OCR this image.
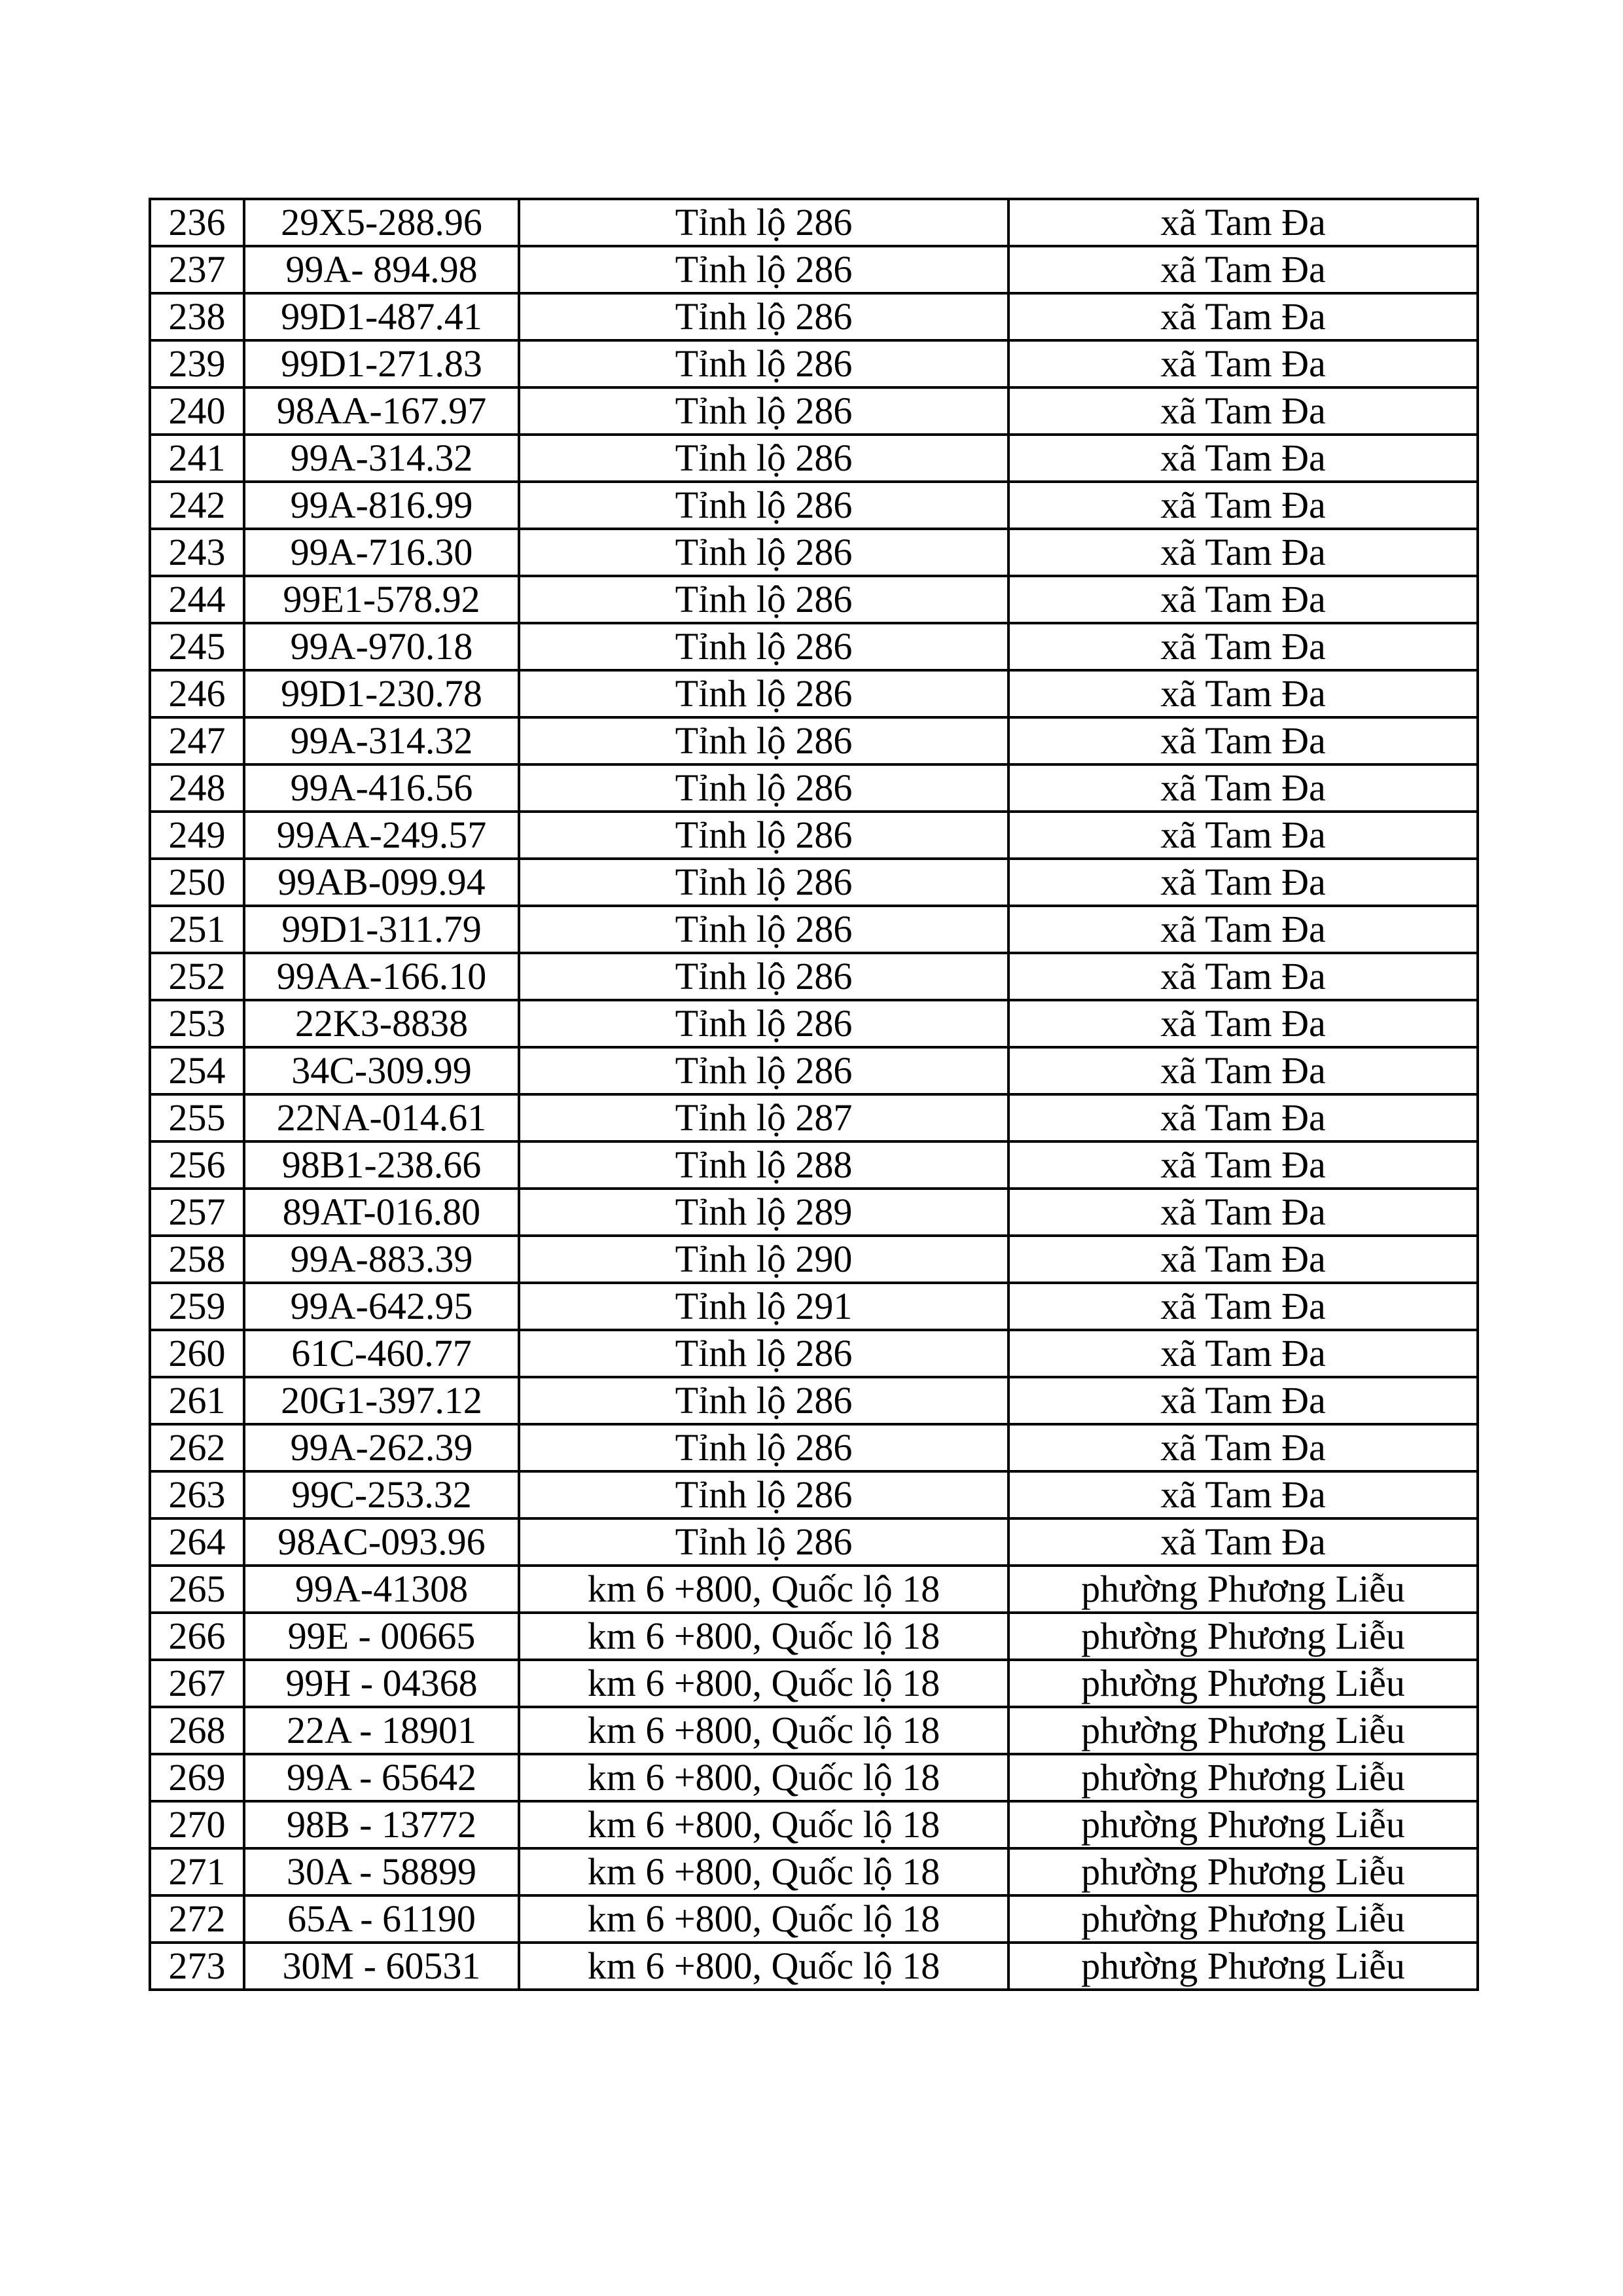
236	29X5-288.96	Tỉnh lộ 286	xã Tam Đa
237	99A- 894.98	Tỉnh lộ 286	xã Tam Đa
238	99D1-487.41	Tỉnh lộ 286	xã Tam Đa
239	99D1-271.83	Tỉnh lộ 286	xã Tam Đa
240	98AA-167.97	Tỉnh lộ 286	xã Tam Đa
241	99A-314.32	Tỉnh lộ 286	xã Tam Đa
242	99A-816.99	Tỉnh lộ 286	xã Tam Đa
243	99A-716.30	Tỉnh lộ 286	xã Tam Đa
244	99E1-578.92	Tỉnh lộ 286	xã Tam Đa
245	99A-970.18	Tỉnh lộ 286	xã Tam Đa
246	99D1-230.78	Tỉnh lộ 286	xã Tam Đa
247	99A-314.32	Tỉnh lộ 286	xã Tam Đa
248	99A-416.56	Tỉnh lộ 286	xã Tam Đa
249	99AA-249.57	Tỉnh lộ 286	xã Tam Đa
250	99AB-099.94	Tỉnh lộ 286	xã Tam Đa
251	99D1-311.79	Tỉnh lộ 286	xã Tam Đa
252	99AA-166.10	Tỉnh lộ 286	xã Tam Đa
253	22K3-8838	Tỉnh lộ 286	xã Tam Đa
254	34C-309.99	Tỉnh lộ 286	xã Tam Đa
255	22NA-014.61	Tỉnh lộ 287	xã Tam Đa
256	98B1-238.66	Tỉnh lộ 288	xã Tam Đa
257	89AT-016.80	Tỉnh lộ 289	xã Tam Đa
258	99A-883.39	Tỉnh lộ 290	xã Tam Đa
259	99A-642.95	Tỉnh lộ 291	xã Tam Đa
260	61C-460.77	Tỉnh lộ 286	xã Tam Đa
261	20G1-397.12	Tỉnh lộ 286	xã Tam Đa
262	99A-262.39	Tỉnh lộ 286	xã Tam Đa
263	99C-253.32	Tỉnh lộ 286	xã Tam Đa
264	98AC-093.96	Tỉnh lộ 286	xã Tam Đa
265	99A-41308	km 6 +800, Quốc lộ 18	phường Phương Liễu
266	99E - 00665	km 6 +800, Quốc lộ 18	phường Phương Liễu
267	99H - 04368	km 6 +800, Quốc lộ 18	phường Phương Liễu
268	22A - 18901	km 6 +800, Quốc lộ 18	phường Phương Liễu
269	99A - 65642	km 6 +800, Quốc lộ 18	phường Phương Liễu
270	98B - 13772	km 6 +800, Quốc lộ 18	phường Phương Liễu
271	30A - 58899	km 6 +800, Quốc lộ 18	phường Phương Liễu
272	65A - 61190	km 6 +800, Quốc lộ 18	phường Phương Liễu
273	30M - 60531	km 6 +800, Quốc lộ 18	phường Phương Liễu
